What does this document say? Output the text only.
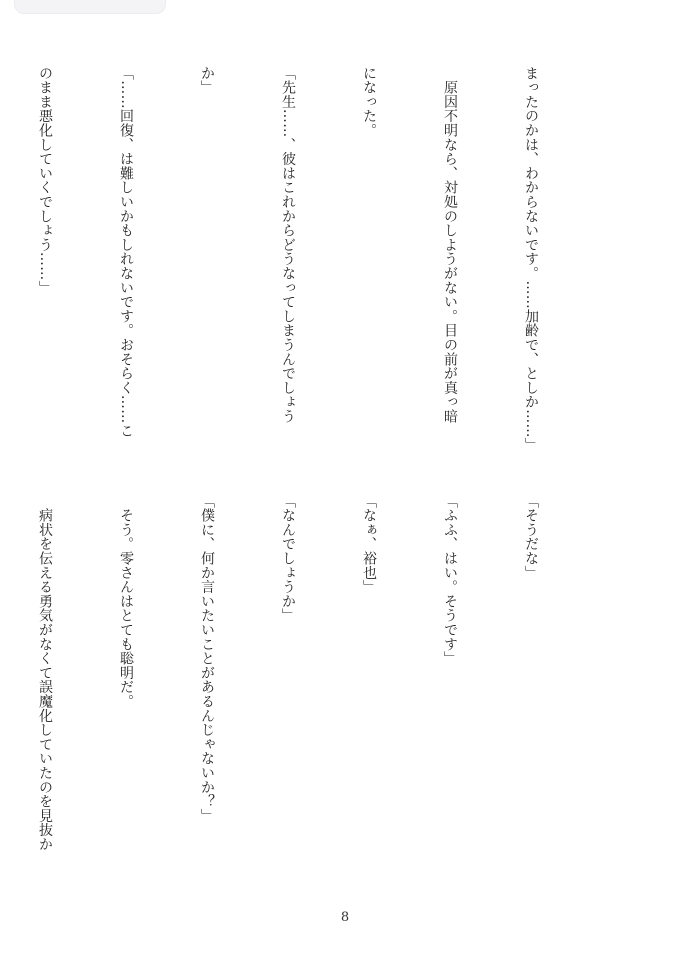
まったのかは、わからないです。……加齢で、としか……」

　原因不明なら、対処のしようがない。目の前が真っ暗

になった。

「先生……、彼はこれからどうなってしまうんでしょう

か」

「……回復、は難しいかもしれないです。おそらく……こ

のまま悪化していくでしょう……」

「そうだな」

「ふふ、はい。そうです」

「なぁ、裕也」

「なんでしょうか」

「僕に、何か言いたいことがあるんじゃないか？」

　そう。零さんはとても聡明だ。

　病状を伝える勇気がなくて誤魔化していたのを見抜か

8
